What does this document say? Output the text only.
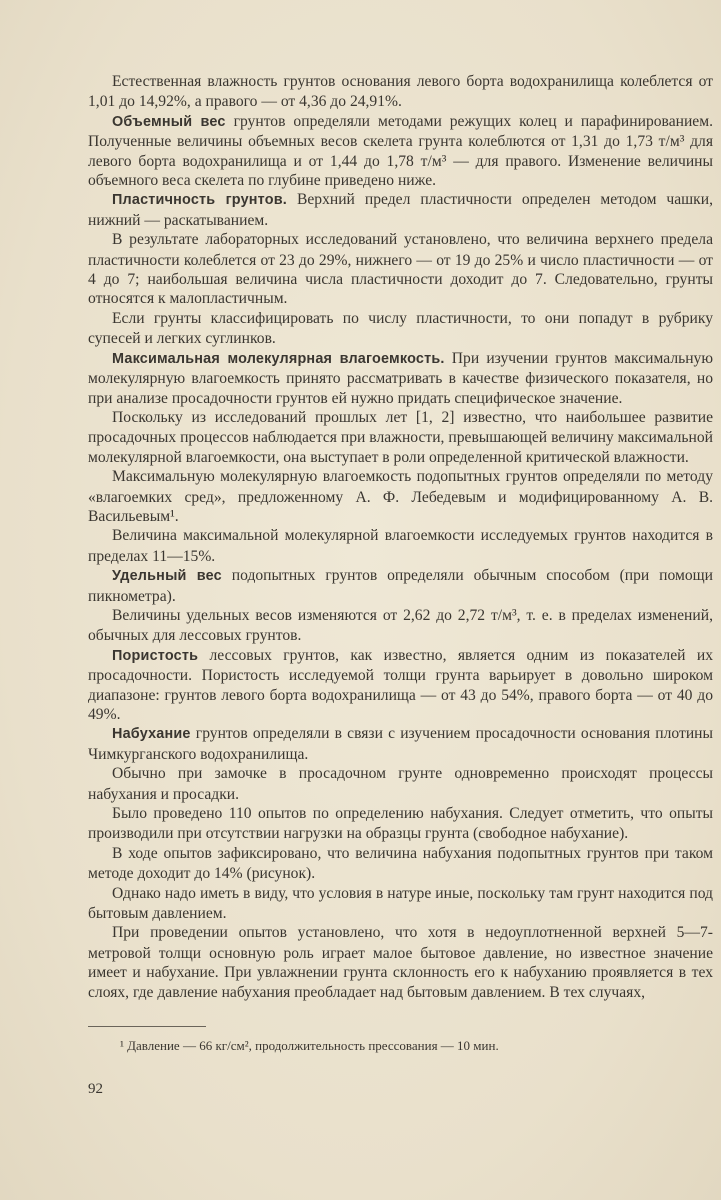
Естественная влажность грунтов основания левого борта водохранилища колеблется от 1,01 до 14,92%, а правого — от 4,36 до 24,91%.

Объемный вес грунтов определяли методами режущих колец и парафинированием. Полученные величины объемных весов скелета грунта колеблются от 1,31 до 1,73 т/м³ для левого борта водохранилища и от 1,44 до 1,78 т/м³ — для правого. Изменение величины объемного веса скелета по глубине приведено ниже.

Пластичность грунтов. Верхний предел пластичности определен методом чашки, нижний — раскатыванием.

В результате лабораторных исследований установлено, что величина верхнего предела пластичности колеблется от 23 до 29%, нижнего — от 19 до 25% и число пластичности — от 4 до 7; наибольшая величина числа пластичности доходит до 7. Следовательно, грунты относятся к малопластичным.

Если грунты классифицировать по числу пластичности, то они попадут в рубрику супесей и легких суглинков.

Максимальная молекулярная влагоемкость. При изучении грунтов максимальную молекулярную влагоемкость принято рассматривать в качестве физического показателя, но при анализе просадочности грунтов ей нужно придать специфическое значение.

Поскольку из исследований прошлых лет [1, 2] известно, что наибольшее развитие просадочных процессов наблюдается при влажности, превышающей величину максимальной молекулярной влагоемкости, она выступает в роли определенной критической влажности.

Максимальную молекулярную влагоемкость подопытных грунтов определяли по методу «влагоемких сред», предложенному А. Ф. Лебедевым и модифицированному А. В. Васильевым¹.

Величина максимальной молекулярной влагоемкости исследуемых грунтов находится в пределах 11—15%.

Удельный вес подопытных грунтов определяли обычным способом (при помощи пикнометра).

Величины удельных весов изменяются от 2,62 до 2,72 т/м³, т. е. в пределах изменений, обычных для лессовых грунтов.

Пористость лессовых грунтов, как известно, является одним из показателей их просадочности. Пористость исследуемой толщи грунта варьирует в довольно широком диапазоне: грунтов левого борта водохранилища — от 43 до 54%, правого борта — от 40 до 49%.

Набухание грунтов определяли в связи с изучением просадочности основания плотины Чимкурганского водохранилища.

Обычно при замочке в просадочном грунте одновременно происходят процессы набухания и просадки.

Было проведено 110 опытов по определению набухания. Следует отметить, что опыты производили при отсутствии нагрузки на образцы грунта (свободное набухание).

В ходе опытов зафиксировано, что величина набухания подопытных грунтов при таком методе доходит до 14% (рисунок).

Однако надо иметь в виду, что условия в натуре иные, поскольку там грунт находится под бытовым давлением.

При проведении опытов установлено, что хотя в недоуплотненной верхней 5—7-метровой толщи основную роль играет малое бытовое давление, но известное значение имеет и набухание. При увлажнении грунта склонность его к набуханию проявляется в тех слоях, где давление набухания преобладает над бытовым давлением. В тех случаях,

¹ Давление — 66 кг/см², продолжительность прессования — 10 мин.
92
